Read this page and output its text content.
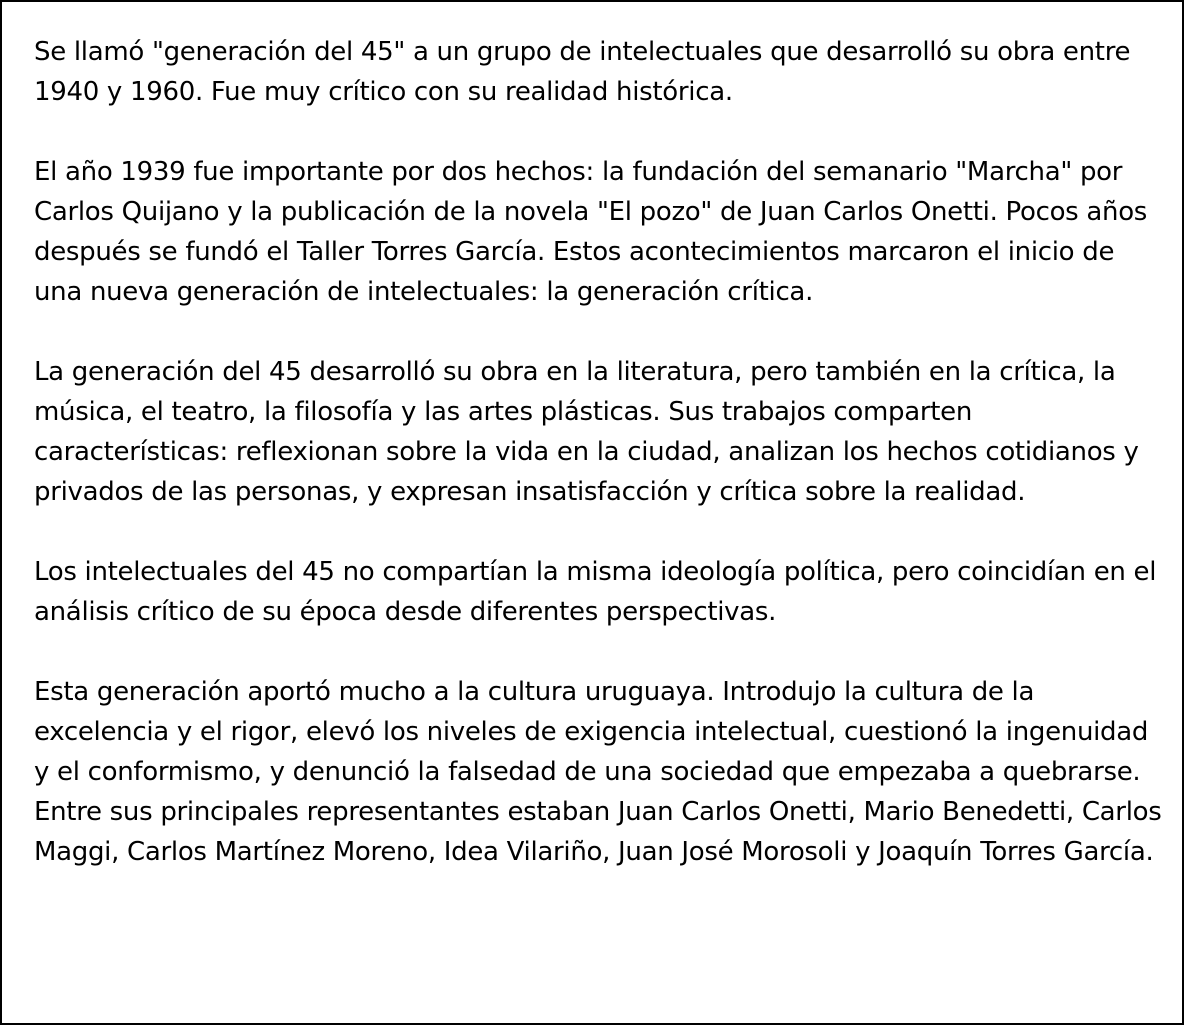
Se llamó "generación del 45" a un grupo de intelectuales que desarrolló su obra entre 1940 y 1960. Fue muy crítico con su realidad histórica.

El año 1939 fue importante por dos hechos: la fundación del semanario "Marcha" por Carlos Quijano y la publicación de la novela "El pozo" de Juan Carlos Onetti. Pocos años después se fundó el Taller Torres García. Estos acontecimientos marcaron el inicio de una nueva generación de intelectuales: la generación crítica.

La generación del 45 desarrolló su obra en la literatura, pero también en la crítica, la música, el teatro, la filosofía y las artes plásticas. Sus trabajos comparten características: reflexionan sobre la vida en la ciudad, analizan los hechos cotidianos y privados de las personas, y expresan insatisfacción y crítica sobre la realidad.

Los intelectuales del 45 no compartían la misma ideología política, pero coincidían en el análisis crítico de su época desde diferentes perspectivas.

Esta generación aportó mucho a la cultura uruguaya. Introdujo la cultura de la excelencia y el rigor, elevó los niveles de exigencia intelectual, cuestionó la ingenuidad y el conformismo, y denunció la falsedad de una sociedad que empezaba a quebrarse. Entre sus principales representantes estaban Juan Carlos Onetti, Mario Benedetti, Carlos Maggi, Carlos Martínez Moreno, Idea Vilariño, Juan José Morosoli y Joaquín Torres García.
